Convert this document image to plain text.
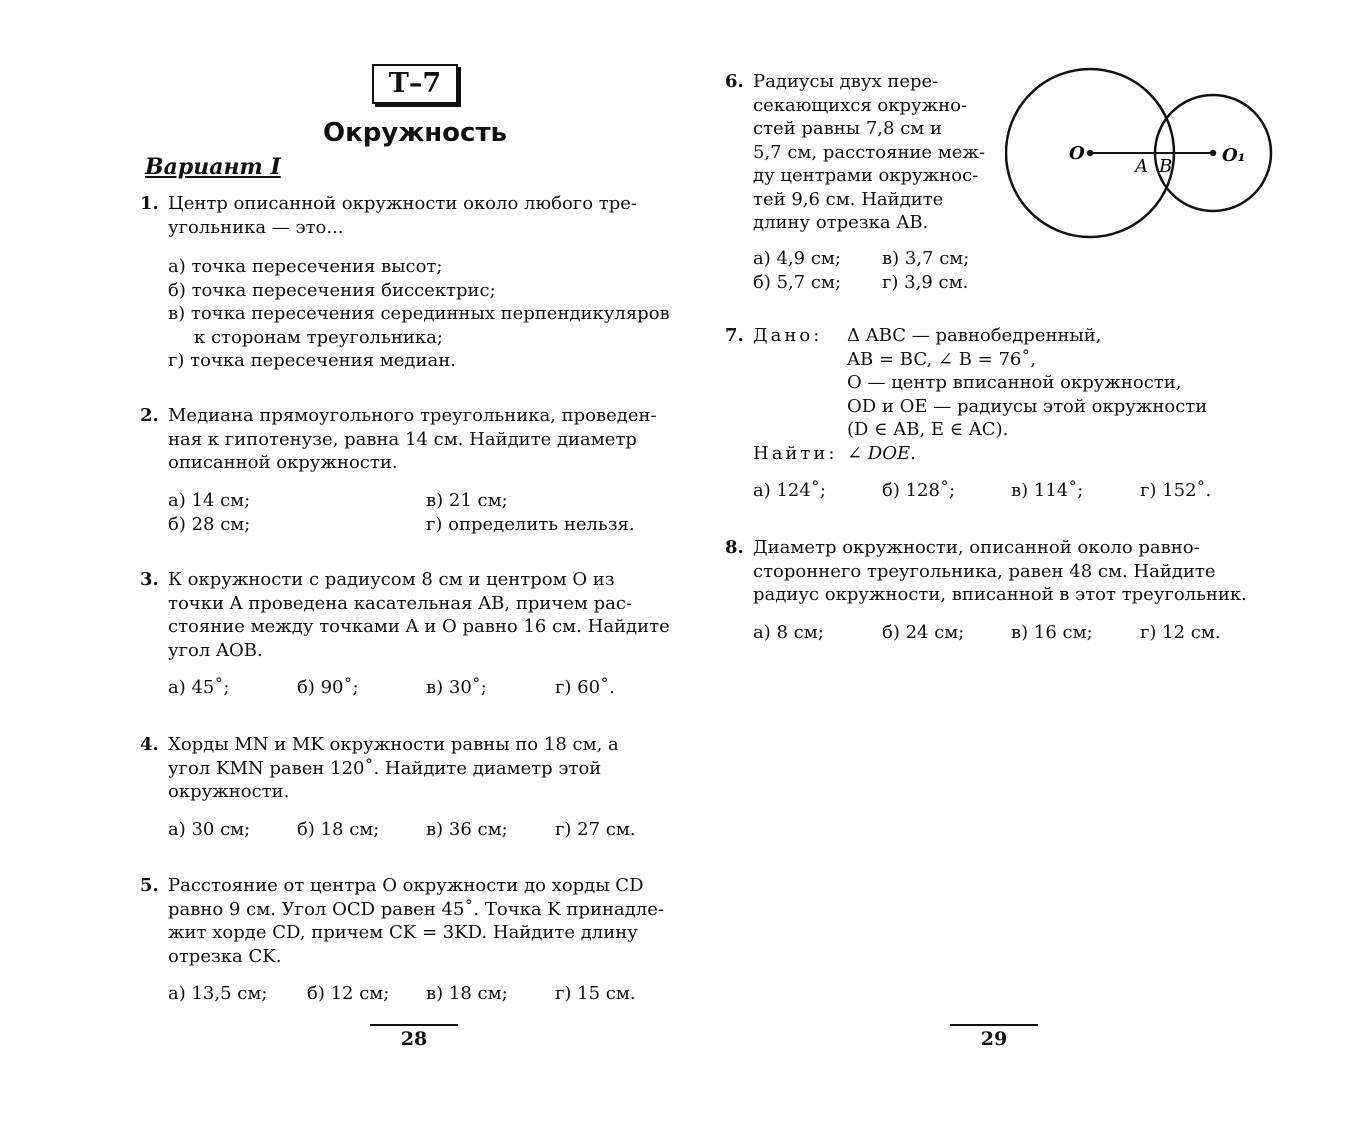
Т–7
Окружность
Вариант I
1. Центр описанной окружности около любого тре-
угольника — это...
а) точка пересечения высот;
б) точка пересечения биссектрис;
в) точка пересечения серединных перпендикуляров
к сторонам треугольника;
г) точка пересечения медиан.
2. Медиана прямоугольного треугольника, проведен-
ная к гипотенузе, равна 14 см. Найдите диаметр
описанной окружности.
а) 14 см;	в) 21 см;
б) 28 см;	г) определить нельзя.
3. К окружности с радиусом 8 см и центром O из
точки A проведена касательная AB, причем рас-
стояние между точками A и O равно 16 см. Найдите
угол AOB.
а) 45˚;	б) 90˚;	в) 30˚;	г) 60˚.
4. Хорды MN и MK окружности равны по 18 см, а
угол KMN равен 120˚. Найдите диаметр этой
окружности.
а) 30 см;	б) 18 см;	в) 36 см;	г) 27 см.
5. Расстояние от центра O окружности до хорды CD
равно 9 см. Угол OCD равен 45˚. Точка K принадле-
жит хорде CD, причем CK = 3KD. Найдите длину
отрезка CK.
а) 13,5 см; б) 12 см; в) 18 см;	г) 15 см.
28
6. Радиусы двух пере-
секающихся окружно-
стей равны 7,8 см и
5,7 см, расстояние меж-
ду центрами окружнос-
тей 9,6 см. Найдите
длину отрезка AB.
а) 4,9 см; в) 3,7 см;
б) 5,7 см; г) 3,9 см.
O
A B
O₁
7. Дано:	Δ ABC — равнобедренный,
AB = BC, ∠ B = 76˚,
O — центр вписанной окружности,
OD и OE — радиусы этой окружности
(D ∈ AB, E ∈ AC).
Найти: ∠ DOE.
а) 124˚;	б) 128˚;	в) 114˚;	г) 152˚.
8. Диаметр окружности, описанной около равно-
стороннего треугольника, равен 48 см. Найдите
радиус окружности, вписанной в этот треугольник.
а) 8 см;	б) 24 см;	в) 16 см;	г) 12 см.
29
